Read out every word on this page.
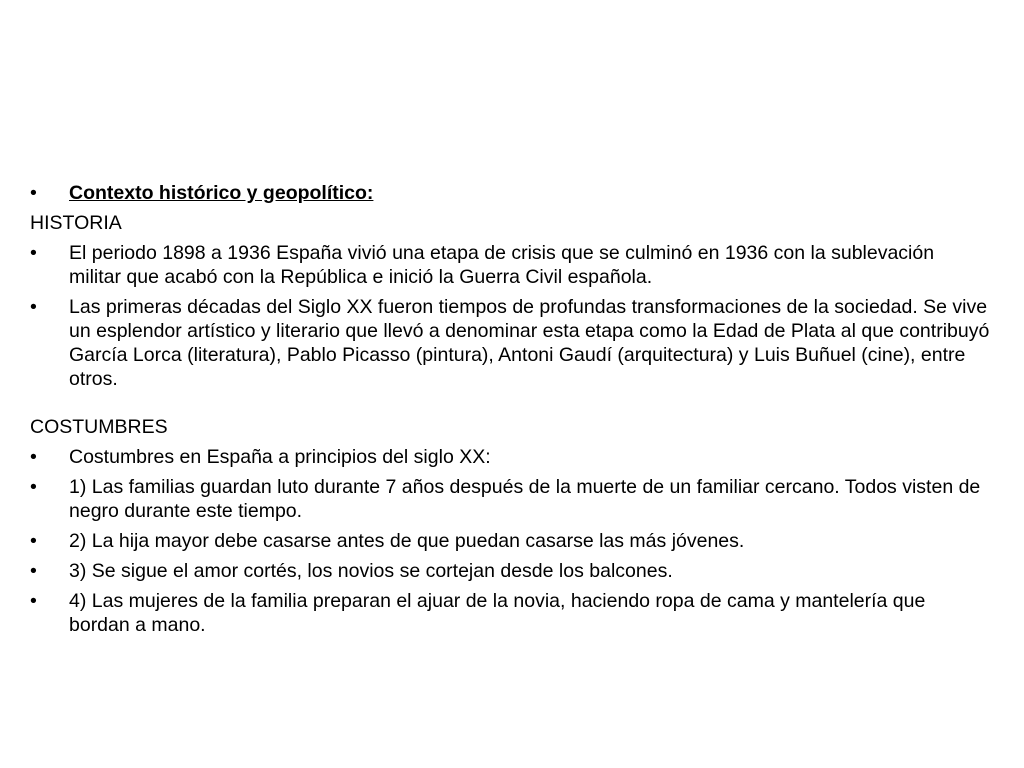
•	Contexto histórico y geopolítico:
HISTORIA
•	El periodo 1898 a 1936 España vivió una etapa de crisis que se culminó en 1936 con la sublevación militar que acabó con la República e inició la Guerra Civil española.
•	Las primeras décadas del Siglo XX fueron tiempos de profundas transformaciones de la sociedad. Se vive un esplendor artístico y literario que llevó a denominar esta etapa como la Edad de Plata al que contribuyó García Lorca (literatura), Pablo Picasso (pintura), Antoni Gaudí (arquitectura) y Luis Buñuel (cine), entre otros.
COSTUMBRES
•	Costumbres en España a principios del siglo XX:
•	1) Las familias guardan luto durante 7 años después de la muerte de un familiar cercano. Todos visten de negro durante este tiempo.
•	2) La hija mayor debe casarse antes de que puedan casarse las más jóvenes.
•	3) Se sigue el amor cortés, los novios se cortejan desde los balcones.
•	4) Las mujeres de la familia preparan el ajuar de la novia, haciendo ropa de cama y mantelería que bordan a mano.
